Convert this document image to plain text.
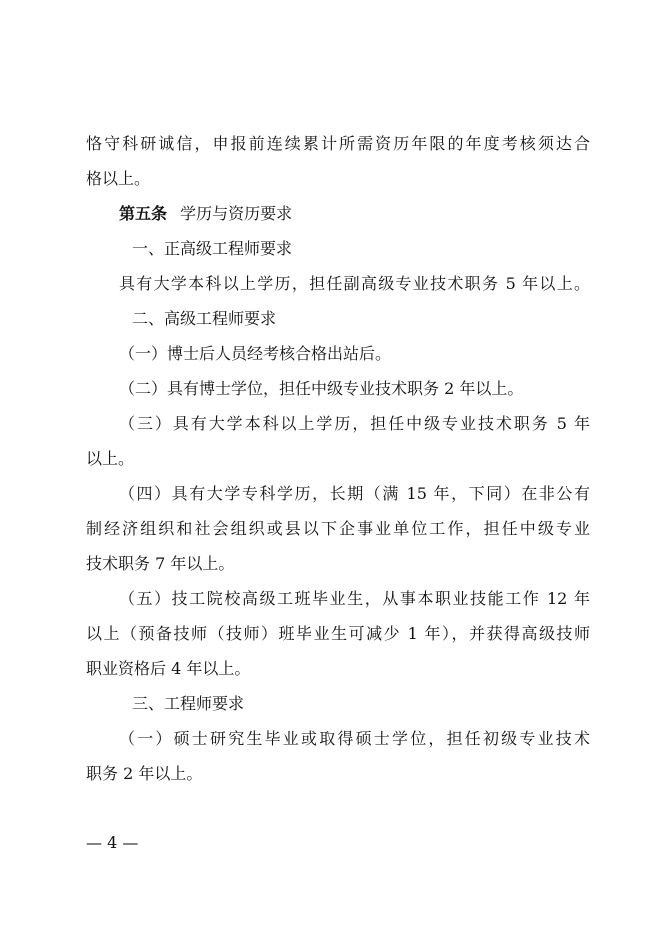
恪守科研诚信，申报前连续累计所需资历年限的年度考核须达合
格以上。
第五条 学历与资历要求
一、正高级工程师要求
具有大学本科以上学历，担任副高级专业技术职务 5 年以上。
二、高级工程师要求
（一）博士后人员经考核合格出站后。
（二）具有博士学位，担任中级专业技术职务 2 年以上。
（三）具有大学本科以上学历，担任中级专业技术职务 5 年
以上。
（四）具有大学专科学历，长期（满 15 年，下同）在非公有
制经济组织和社会组织或县以下企事业单位工作，担任中级专业
技术职务 7 年以上。
（五）技工院校高级工班毕业生，从事本职业技能工作 12 年
以上（预备技师（技师）班毕业生可减少 1 年），并获得高级技师
职业资格后 4 年以上。
三、工程师要求
（一）硕士研究生毕业或取得硕士学位，担任初级专业技术
职务 2 年以上。
— 4 —
